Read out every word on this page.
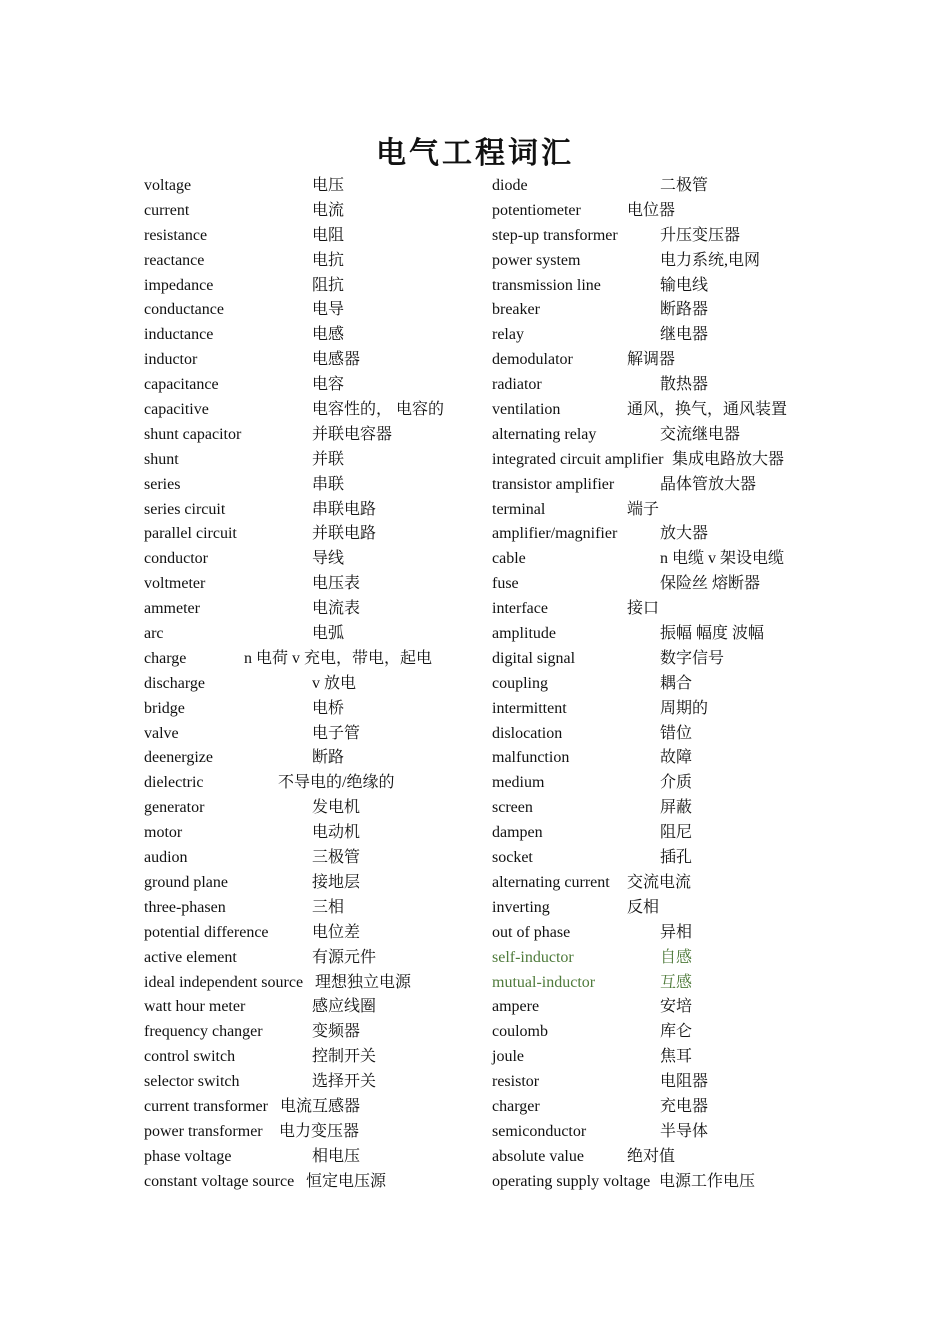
电气工程词汇
voltage	电压
current	电流
resistance	电阻
reactance	电抗
impedance	阻抗
conductance	电导
inductance	电感
inductor	电感器
capacitance	电容
capacitive	电容性的， 电容的
shunt capacitor	并联电容器
shunt	并联
series	串联
series circuit	串联电路
parallel circuit	并联电路
conductor	导线
voltmeter	电压表
ammeter	电流表
arc	电弧
charge	n 电荷 v 充电，带电，起电
discharge	v 放电
bridge	电桥
valve	电子管
deenergize	断路
dielectric	不导电的/绝缘的
generator	发电机
motor	电动机
audion	三极管
ground plane	接地层
three-phasen	三相
potential difference	电位差
active element	有源元件
ideal independent source 理想独立电源
watt hour meter	感应线圈
frequency changer	变频器
control switch	控制开关
selector switch	选择开关
current transformer 电流互感器
power transformer 电力变压器
phase voltage	相电压
constant voltage source 恒定电压源
diode	二极管
potentiometer	电位器
step-up transformer	升压变压器
power system	电力系统,电网
transmission line	输电线
breaker	断路器
relay	继电器
demodulator	解调器
radiator	散热器
ventilation	通风，换气，通风装置
alternating relay	交流继电器
integrated circuit amplifier 集成电路放大器
transistor amplifier	晶体管放大器
terminal	端子
amplifier/magnifier	放大器
cable	n 电缆 v 架设电缆
fuse	保险丝 熔断器
interface	接口
amplitude	振幅 幅度 波幅
digital signal	数字信号
coupling	耦合
intermittent	周期的
dislocation	错位
malfunction	故障
medium	介质
screen	屏蔽
dampen	阻尼
socket	插孔
alternating current 交流电流
inverting	反相
out of phase	异相
self-inductor	自感
mutual-inductor	互感
ampere	安培
coulomb	库仑
joule	焦耳
resistor	电阻器
charger	充电器
semiconductor	半导体
absolute value	绝对值
operating supply voltage 电源工作电压
